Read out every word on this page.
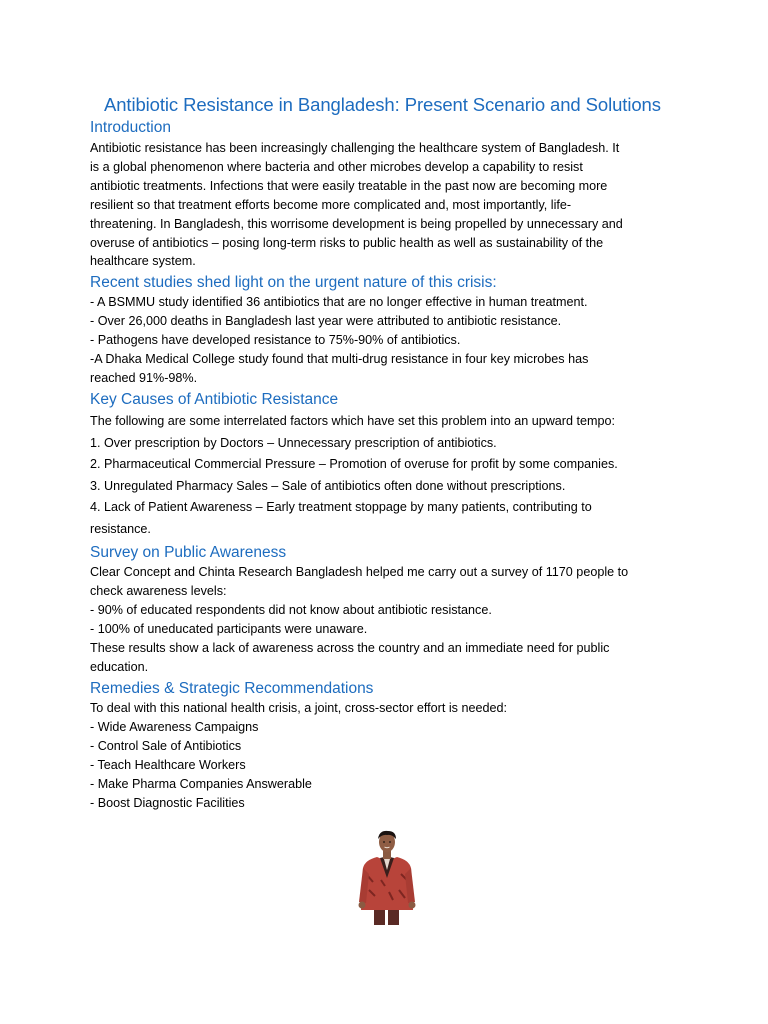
Antibiotic Resistance in Bangladesh: Present Scenario and Solutions
Introduction
Antibiotic resistance has been increasingly challenging the healthcare system of Bangladesh. It
is a global phenomenon where bacteria and other microbes develop a capability to resist
antibiotic treatments. Infections that were easily treatable in the past now are becoming more
resilient so that treatment efforts become more complicated and, most importantly, life-
threatening. In Bangladesh, this worrisome development is being propelled by unnecessary and
overuse of antibiotics – posing long-term risks to public health as well as sustainability of the
healthcare system.
Recent studies shed light on the urgent nature of this crisis:
- A BSMMU study identified 36 antibiotics that are no longer effective in human treatment.
- Over 26,000 deaths in Bangladesh last year were attributed to antibiotic resistance.
- Pathogens have developed resistance to 75%-90% of antibiotics.
-A Dhaka Medical College study found that multi-drug resistance in four key microbes has
reached 91%-98%.
Key Causes of Antibiotic Resistance
The following are some interrelated factors which have set this problem into an upward tempo:
1. Over prescription by Doctors – Unnecessary prescription of antibiotics.
2. Pharmaceutical Commercial Pressure – Promotion of overuse for profit by some companies.
3. Unregulated Pharmacy Sales – Sale of antibiotics often done without prescriptions.
4. Lack of Patient Awareness – Early treatment stoppage by many patients, contributing to
resistance.
Survey on Public Awareness
Clear Concept and Chinta Research Bangladesh helped me carry out a survey of 1170 people to
check awareness levels:
- 90% of educated respondents did not know about antibiotic resistance.
- 100% of uneducated participants were unaware.
These results show a lack of awareness across the country and an immediate need for public
education.
Remedies & Strategic Recommendations
To deal with this national health crisis, a joint, cross-sector effort is needed:
- Wide Awareness Campaigns
- Control Sale of Antibiotics
- Teach Healthcare Workers
- Make Pharma Companies Answerable
- Boost Diagnostic Facilities
